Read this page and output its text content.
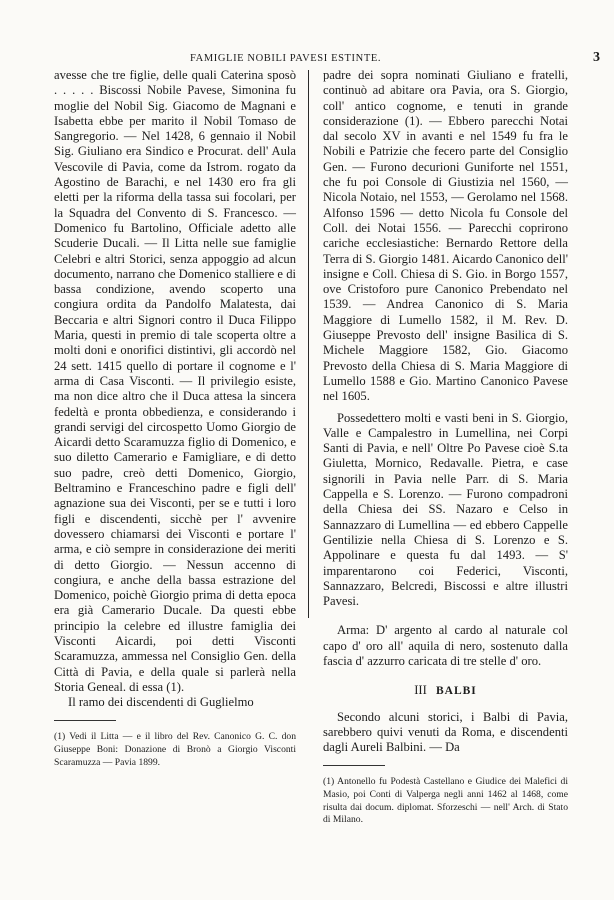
FAMIGLIE NOBILI PAVESI ESTINTE.	3

avesse che tre figlie, delle quali Caterina sposò . . . . . Biscossi Nobile Pavese, Simonina fu moglie del Nobil Sig. Giacomo de Magnani e Isabetta ebbe per marito il Nobil Tomaso de Sangregorio. — Nel 1428, 6 gennaio il Nobil Sig. Giuliano era Sindico e Procurat. dell' Aula Vescovile di Pavia, come da Istrom. rogato da Agostino de Barachi, e nel 1430 ero fra gli eletti per la riforma della tassa sui focolari, per la Squadra del Convento di S. Francesco. — Domenico fu Bartolino, Officiale adetto alle Scuderie Ducali. — Il Litta nelle sue famiglie Celebri e altri Storici, senza appoggio ad alcun documento, narrano che Domenico stalliere e di bassa condizione, avendo scoperto una congiura ordita da Pandolfo Malatesta, dai Beccaria e altri Signori contro il Duca Filippo Maria, questi in premio di tale scoperta oltre a molti doni e onorifici distintivi, gli accordò nel 24 sett. 1415 quello di portare il cognome e l' arma di Casa Visconti. — Il privilegio esiste, ma non dice altro che il Duca attesa la sincera fedeltà e pronta obbedienza, e considerando i grandi servigi del circospetto Uomo Giorgio de Aicardi detto Scaramuzza figlio di Domenico, e suo diletto Camerario e Famigliare, e di detto suo padre, creò detti Domenico, Giorgio, Beltramino e Franceschino padre e figli dell' agnazione sua dei Visconti, per se e tutti i loro figli e discendenti, sicchè per l' avvenire dovessero chiamarsi dei Visconti e portare l' arma, e ciò sempre in considerazione dei meriti di detto Giorgio. — Nessun accenno di congiura, e anche della bassa estrazione del Domenico, poichè Giorgio prima di detta epoca era già Camerario Ducale. Da questi ebbe principio la celebre ed illustre famiglia dei Visconti Aicardi, poi detti Visconti Scaramuzza, ammessa nel Consiglio Gen. della Città di Pavia, e della quale si parlerà nella Storia Geneal. di essa (1).

Il ramo dei discendenti di Guglielmo

(1) Vedi il Litta — e il libro del Rev. Canonico G. C. don Giuseppe Boni: Donazione di Bronò a Giorgio Visconti Scaramuzza — Pavia 1899.

padre dei sopra nominati Giuliano e fratelli, continuò ad abitare ora Pavia, ora S. Giorgio, coll' antico cognome, e tenuti in grande considerazione (1). — Ebbero parecchi Notai dal secolo XV in avanti e nel 1549 fu fra le Nobili e Patrizie che fecero parte del Consiglio Gen. — Furono decurioni Guniforte nel 1551, che fu poi Console di Giustizia nel 1560, — Nicola Notaio, nel 1553, — Gerolamo nel 1568. Alfonso 1596 — detto Nicola fu Console del Coll. dei Notai 1556. — Parecchi coprirono cariche ecclesiastiche: Bernardo Rettore della Terra di S. Giorgio 1481. Aicardo Canonico dell' insigne e Coll. Chiesa di S. Gio. in Borgo 1557, ove Cristoforo pure Canonico Prebendato nel 1539. — Andrea Canonico di S. Maria Maggiore di Lumello 1582, il M. Rev. D. Giuseppe Prevosto dell' insigne Basilica di S. Michele Maggiore 1582, Gio. Giacomo Prevosto della Chiesa di S. Maria Maggiore di Lumello 1588 e Gio. Martino Canonico Pavese nel 1605.

Possedettero molti e vasti beni in S. Giorgio, Valle e Campalestro in Lumellina, nei Corpi Santi di Pavia, e nell' Oltre Po Pavese cioè S.ta Giuletta, Mornico, Redavalle. Pietra, e case signorili in Pavia nelle Parr. di S. Maria Cappella e S. Lorenzo. — Furono compadroni della Chiesa dei SS. Nazaro e Celso in Sannazzaro di Lumellina — ed ebbero Cappelle Gentilizie nella Chiesa di S. Lorenzo e S. Appolinare e questa fu dal 1493. — S' imparentarono coi Federici, Visconti, Sannazzaro, Belcredi, Biscossi e altre illustri Pavesi.

Arma: D' argento al cardo al naturale col capo d' oro all' aquila di nero, sostenuto dalla fascia d' azzurro caricata di tre stelle d' oro.

III BALBI

Secondo alcuni storici, i Balbi di Pavia, sarebbero quivi venuti da Roma, e discendenti dagli Aureli Balbini. — Da

(1) Antonello fu Podestà Castellano e Giudice dei Malefici di Masio, poi Conti di Valperga negli anni 1462 al 1468, come risulta dai docum. diplomat. Sforzeschi — nell' Arch. di Stato di Milano.
